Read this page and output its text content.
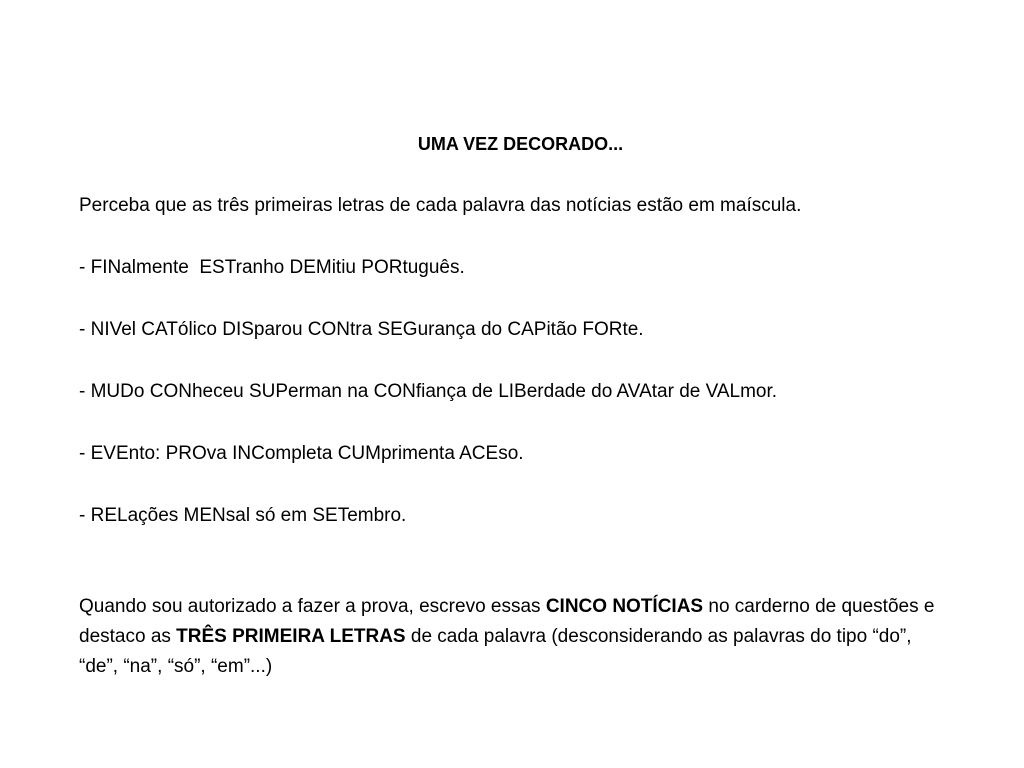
UMA VEZ DECORADO...

Perceba que as três primeiras letras de cada palavra das notícias estão em maíscula.

- FINalmente  ESTranho DEMitiu PORtuguês.
- NIVel CATólico DISparou CONtra SEGurança do CAPitão FORte.
- MUDo CONheceu SUPerman na CONfiança de LIBerdade do AVAtar de VALmor.
- EVEnto: PROva INCompleta CUMprimenta ACEso.
- RELações MENsal só em SETembro.

Quando sou autorizado a fazer a prova, escrevo essas CINCO NOTÍCIAS no carderno de questões e destaco as TRÊS PRIMEIRA LETRAS de cada palavra (desconsiderando as palavras do tipo “do”, “de”, “na”, “só”, “em”...)
